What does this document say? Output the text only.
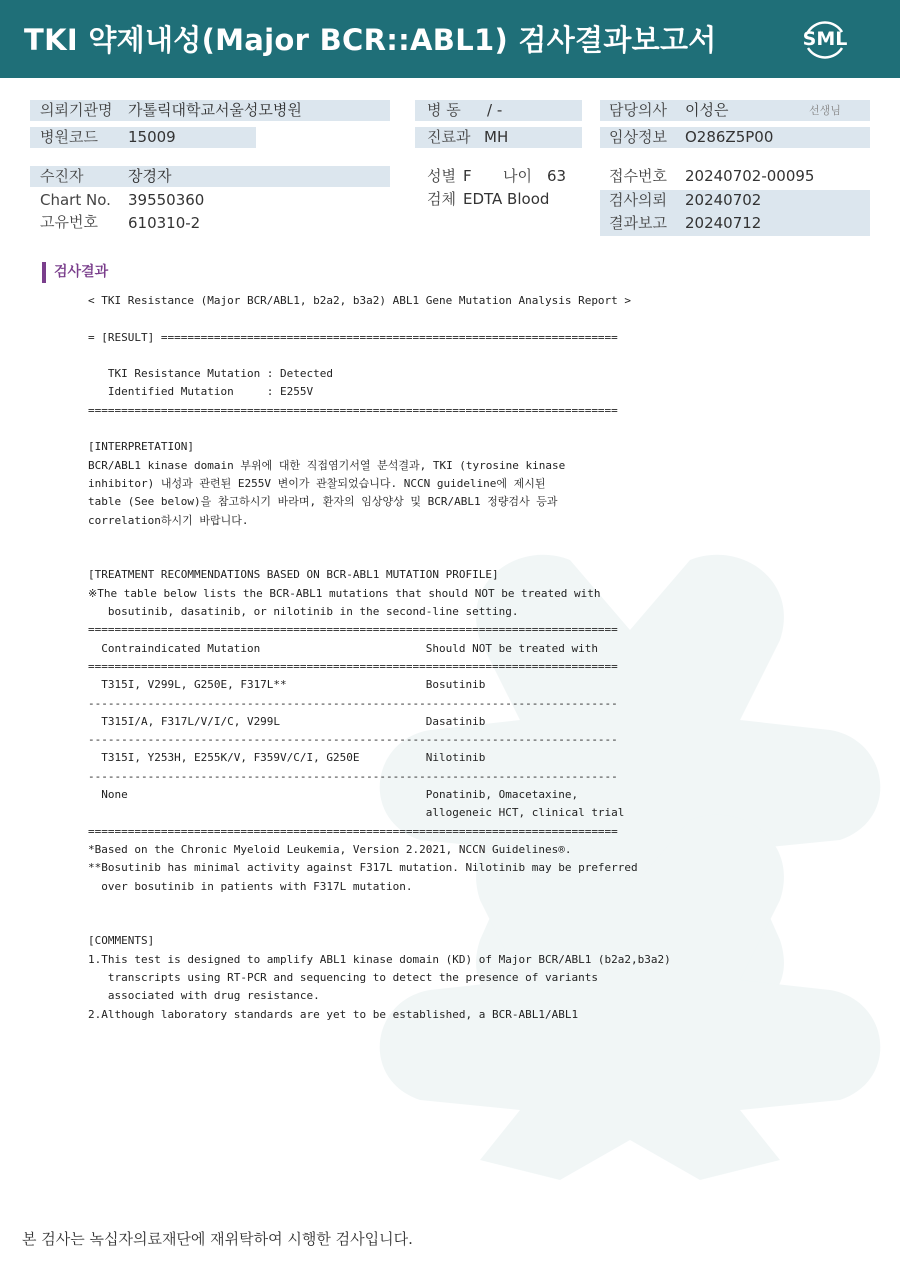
TKI 약제내성(Major BCR::ABL1) 검사결과보고서	SML
의뢰기관명 가톨릭대학교서울성모병원	병 동 / -	담당의사 이성은	선생님
병원코드 15009	진료과 MH	임상정보 O286Z5P00
수진자	장경자	성별 F 나이 63	접수번호 20240702-00095
Chart No. 39550360	검체 EDTA Blood	검사의뢰 20240702
고유번호 610310-2	결과보고 20240712
검사결과
< TKI Resistance (Major BCR/ABL1, b2a2, b3a2) ABL1 Gene Mutation Analysis Report >
= [RESULT] =====================================================================
TKI Resistance Mutation : Detected
Identified Mutation     : E255V
================================================================================
[INTERPRETATION]
BCR/ABL1 kinase domain 부위에 대한 직접염기서열 분석결과, TKI (tyrosine kinase
inhibitor) 내성과 관련된 E255V 변이가 관찰되었습니다. NCCN guideline에 제시된
table (See below)을 참고하시기 바라며, 환자의 임상양상 및 BCR/ABL1 정량검사 등과
correlation하시기 바랍니다.
[TREATMENT RECOMMENDATIONS BASED ON BCR-ABL1 MUTATION PROFILE]
※The table below lists the BCR-ABL1 mutations that should NOT be treated with
bosutinib, dasatinib, or nilotinib in the second-line setting.
================================================================================
Contraindicated Mutation                         Should NOT be treated with
================================================================================
T315I, V299L, G250E, F317L**                     Bosutinib
--------------------------------------------------------------------------------
T315I/A, F317L/V/I/C, V299L                      Dasatinib
--------------------------------------------------------------------------------
T315I, Y253H, E255K/V, F359V/C/I, G250E          Nilotinib
--------------------------------------------------------------------------------
None                                             Ponatinib, Omacetaxine,
allogeneic HCT, clinical trial
================================================================================
*Based on the Chronic Myeloid Leukemia, Version 2.2021, NCCN Guidelines®.
**Bosutinib has minimal activity against F317L mutation. Nilotinib may be preferred
over bosutinib in patients with F317L mutation.
[COMMENTS]
1.This test is designed to amplify ABL1 kinase domain (KD) of Major BCR/ABL1 (b2a2,b3a2)
transcripts using RT-PCR and sequencing to detect the presence of variants
associated with drug resistance.
2.Although laboratory standards are yet to be established, a BCR-ABL1/ABL1
본 검사는 녹십자의료재단에 재위탁하여 시행한 검사입니다.
